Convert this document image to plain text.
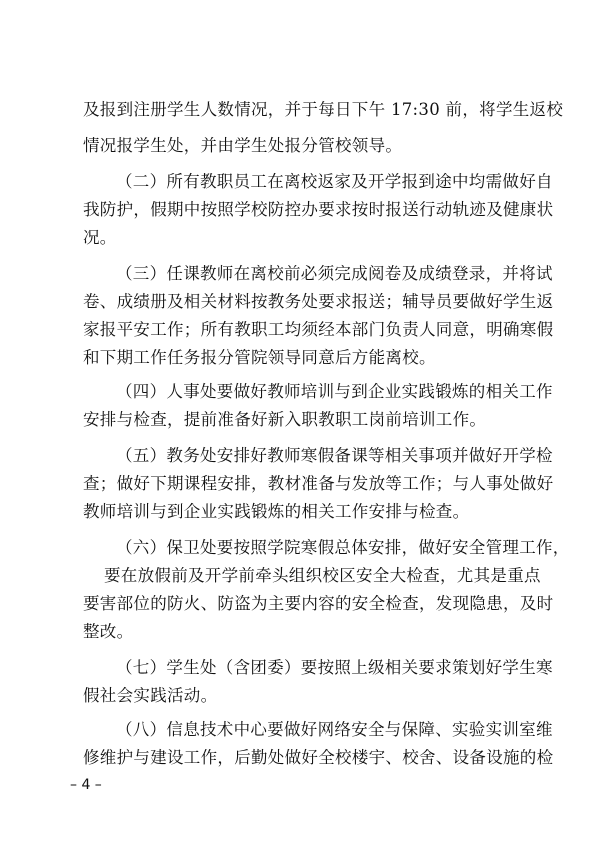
及报到注册学生人数情况，并于每日下午 17:30 前，将学生返校
情况报学生处，并由学生处报分管校领导。
（二）所有教职员工在离校返家及开学报到途中均需做好自
我防护，假期中按照学校防控办要求按时报送行动轨迹及健康状
况。
（三）任课教师在离校前必须完成阅卷及成绩登录，并将试
卷、成绩册及相关材料按教务处要求报送；辅导员要做好学生返
家报平安工作；所有教职工均须经本部门负责人同意，明确寒假
和下期工作任务报分管院领导同意后方能离校。
（四）人事处要做好教师培训与到企业实践锻炼的相关工作
安排与检查，提前准备好新入职教职工岗前培训工作。
（五）教务处安排好教师寒假备课等相关事项并做好开学检
查；做好下期课程安排，教材准备与发放等工作；与人事处做好
教师培训与到企业实践锻炼的相关工作安排与检查。
（六）保卫处要按照学院寒假总体安排，做好安全管理工作，
要在放假前及开学前牵头组织校区安全大检查，尤其是重点
要害部位的防火、防盗为主要内容的安全检查，发现隐患，及时
整改。
（七）学生处（含团委）要按照上级相关要求策划好学生寒
假社会实践活动。
（八）信息技术中心要做好网络安全与保障、实验实训室维
修维护与建设工作，后勤处做好全校楼宇、校舍、设备设施的检
– 4 –
